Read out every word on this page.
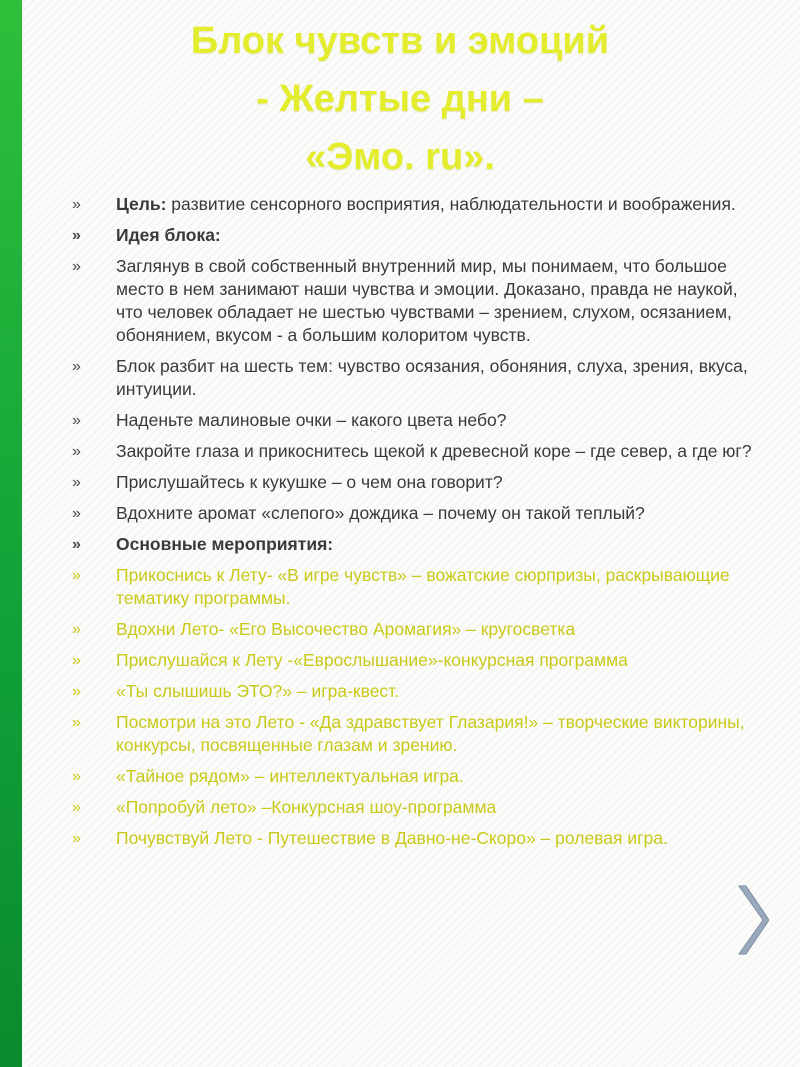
Блок чувств и эмоций
- Желтые дни –
«Эмо. ru».
»	Цель: развитие сенсорного восприятия, наблюдательности и воображения.
»	Идея блока:
»	Заглянув в свой собственный внутренний мир, мы понимаем, что большое место в нем занимают наши чувства и эмоции. Доказано, правда не наукой, что человек обладает не шестью чувствами – зрением, слухом, осязанием, обонянием, вкусом - а большим колоритом чувств.
»	Блок разбит на шесть тем: чувство осязания, обоняния, слуха, зрения, вкуса, интуиции.
»	Наденьте малиновые очки – какого цвета небо?
»	Закройте глаза и прикоснитесь щекой к древесной коре – где север, а где юг?
»	Прислушайтесь к кукушке – о чем она говорит?
»	Вдохните аромат «слепого» дождика – почему он такой теплый?
»	Основные мероприятия:
»	Прикоснись к Лету- «В игре чувств» – вожатские сюрпризы, раскрывающие тематику программы.
»	Вдохни Лето- «Его Высочество Аромагия» – кругосветка
»	Прислушайся к Лету -«Еврослышание»-конкурсная программа
»	«Ты слышишь ЭТО?» – игра-квест.
»	Посмотри на это Лето - «Да здравствует Глазария!» – творческие викторины, конкурсы, посвященные глазам и зрению.
»	«Тайное рядом» – интеллектуальная игра.
»	«Попробуй лето» –Конкурсная шоу-программа
»	Почувствуй Лето - Путешествие в Давно-не-Скоро» – ролевая игра.
